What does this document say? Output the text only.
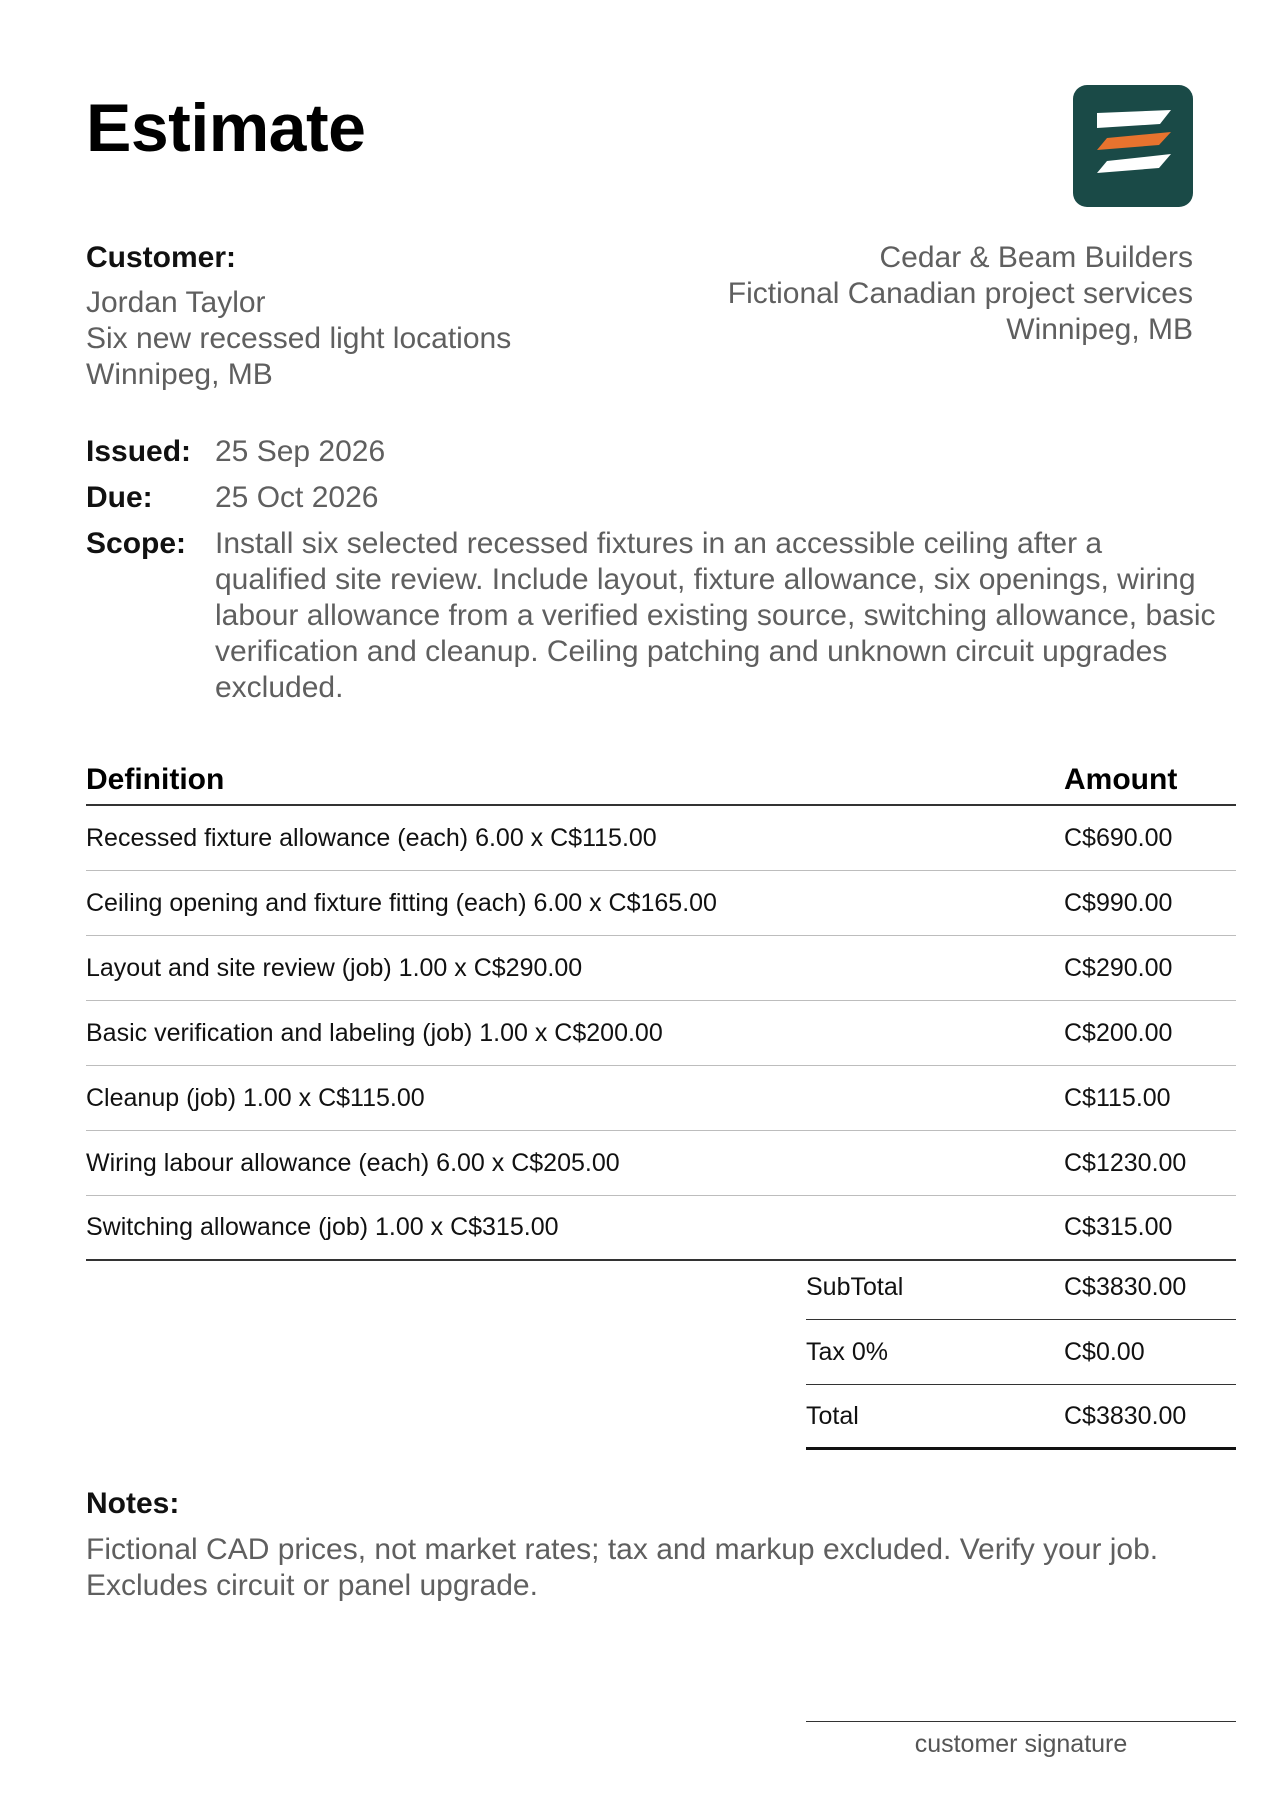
Estimate
Customer:
Jordan Taylor
Six new recessed light locations
Winnipeg, MB
Cedar & Beam Builders
Fictional Canadian project services
Winnipeg, MB
Issued: 25 Sep 2026
Due:	25 Oct 2026
Scope: Install six selected recessed fixtures in an accessible ceiling after a qualified site review. Include layout, fixture allowance, six openings, wiring labour allowance from a verified existing source, switching allowance, basic verification and cleanup. Ceiling patching and unknown circuit upgrades excluded.
Definition	Amount
Recessed fixture allowance (each) 6.00 x C$115.00	C$690.00
Ceiling opening and fixture fitting (each) 6.00 x C$165.00	C$990.00
Layout and site review (job) 1.00 x C$290.00	C$290.00
Basic verification and labeling (job) 1.00 x C$200.00	C$200.00
Cleanup (job) 1.00 x C$115.00	C$115.00
Wiring labour allowance (each) 6.00 x C$205.00	C$1230.00
Switching allowance (job) 1.00 x C$315.00	C$315.00
SubTotal	C$3830.00
Tax 0%	C$0.00
Total	C$3830.00
Notes:
Fictional CAD prices, not market rates; tax and markup excluded. Verify your job.
Excludes circuit or panel upgrade.
customer signature
